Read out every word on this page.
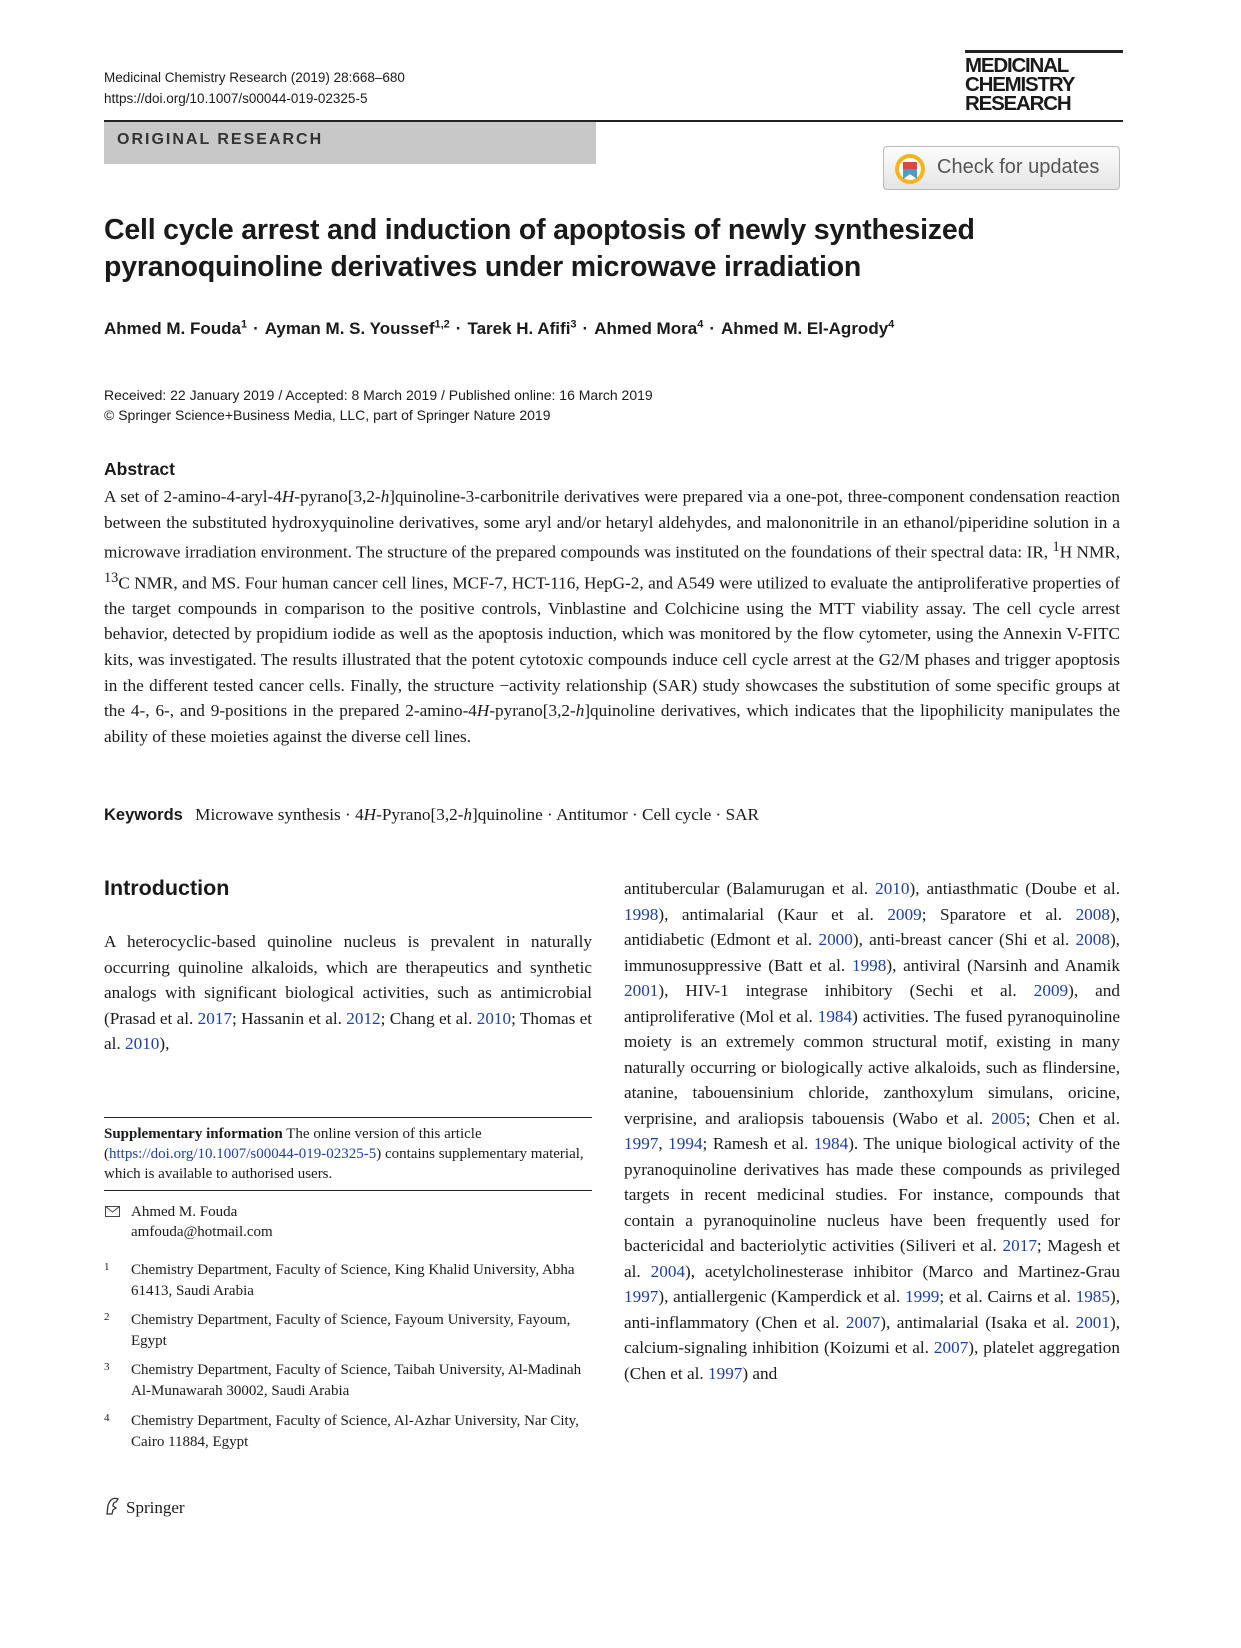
Medicinal Chemistry Research (2019) 28:668–680
https://doi.org/10.1007/s00044-019-02325-5
MEDICINAL
CHEMISTRY
RESEARCH
ORIGINAL RESEARCH
Check for updates
Cell cycle arrest and induction of apoptosis of newly synthesized
pyranoquinoline derivatives under microwave irradiation
Ahmed M. Fouda$^1$ · Ayman M. S. Youssef$^{1,2}$ · Tarek H. Afifi$^3$ · Ahmed Mora$^4$ · Ahmed M. El-Agrody$^4$
Received: 22 January 2019 / Accepted: 8 March 2019 / Published online: 16 March 2019
© Springer Science+Business Media, LLC, part of Springer Nature 2019
Abstract
A set of 2-amino-4-aryl-4H-pyrano[3,2-h]quinoline-3-carbonitrile derivatives were prepared via a one-pot, three-component condensation reaction between the substituted hydroxyquinoline derivatives, some aryl and/or hetaryl aldehydes, and malononitrile in an ethanol/piperidine solution in a microwave irradiation environment. The structure of the prepared compounds was instituted on the foundations of their spectral data: IR, $^1$H NMR, $^{13}$C NMR, and MS. Four human cancer cell lines, MCF-7, HCT-116, HepG-2, and A549 were utilized to evaluate the antiproliferative properties of the target compounds in comparison to the positive controls, Vinblastine and Colchicine using the MTT viability assay. The cell cycle arrest behavior, detected by propidium iodide as well as the apoptosis induction, which was monitored by the flow cytometer, using the Annexin V-FITC kits, was investigated. The results illustrated that the potent cytotoxic compounds induce cell cycle arrest at the G2/M phases and trigger apoptosis in the different tested cancer cells. Finally, the structure −activity relationship (SAR) study showcases the substitution of some specific groups at the 4-, 6-, and 9-positions in the prepared 2-amino-4H-pyrano[3,2-h]quinoline derivatives, which indicates that the lipophilicity manipulates the ability of these moieties against the diverse cell lines.
Keywords Microwave synthesis · 4H-Pyrano[3,2-h]quinoline · Antitumor · Cell cycle · SAR
Introduction
A heterocyclic-based quinoline nucleus is prevalent in naturally occurring quinoline alkaloids, which are therapeutics and synthetic analogs with significant biological activities, such as antimicrobial (Prasad et al. 2017; Hassanin et al. 2012; Chang et al. 2010; Thomas et al. 2010),
antitubercular (Balamurugan et al. 2010), antiasthmatic (Doube et al. 1998), antimalarial (Kaur et al. 2009; Sparatore et al. 2008), antidiabetic (Edmont et al. 2000), anti-breast cancer (Shi et al. 2008), immunosuppressive (Batt et al. 1998), antiviral (Narsinh and Anamik 2001), HIV-1 integrase inhibitory (Sechi et al. 2009), and antiproliferative (Mol et al. 1984) activities. The fused pyranoquinoline moiety is an extremely common structural motif, existing in many naturally occurring or biologically active alkaloids, such as flindersine, atanine, tabouensinium chloride, zanthoxylum simulans, oricine, verprisine, and araliopsis tabouensis (Wabo et al. 2005; Chen et al. 1997, 1994; Ramesh et al. 1984). The unique biological activity of the pyranoquinoline derivatives has made these compounds as privileged targets in recent medicinal studies. For instance, compounds that contain a pyranoquinoline nucleus have been frequently used for bactericidal and bacteriolytic activities (Siliveri et al. 2017; Magesh et al. 2004), acetylcholinesterase inhibitor (Marco and Martinez-Grau 1997), antiallergenic (Kamperdick et al. 1999; et al. Cairns et al. 1985), anti-inflammatory (Chen et al. 2007), antimalarial (Isaka et al. 2001), calcium-signaling inhibition (Koizumi et al. 2007), platelet aggregation (Chen et al. 1997) and
Supplementary information The online version of this article (https://doi.org/10.1007/s00044-019-02325-5) contains supplementary material, which is available to authorised users.
Ahmed M. Fouda
amfouda@hotmail.com
1 Chemistry Department, Faculty of Science, King Khalid University, Abha 61413, Saudi Arabia
2 Chemistry Department, Faculty of Science, Fayoum University, Fayoum, Egypt
3 Chemistry Department, Faculty of Science, Taibah University, Al-Madinah Al-Munawarah 30002, Saudi Arabia
4 Chemistry Department, Faculty of Science, Al-Azhar University, Nar City, Cairo 11884, Egypt
Springer
